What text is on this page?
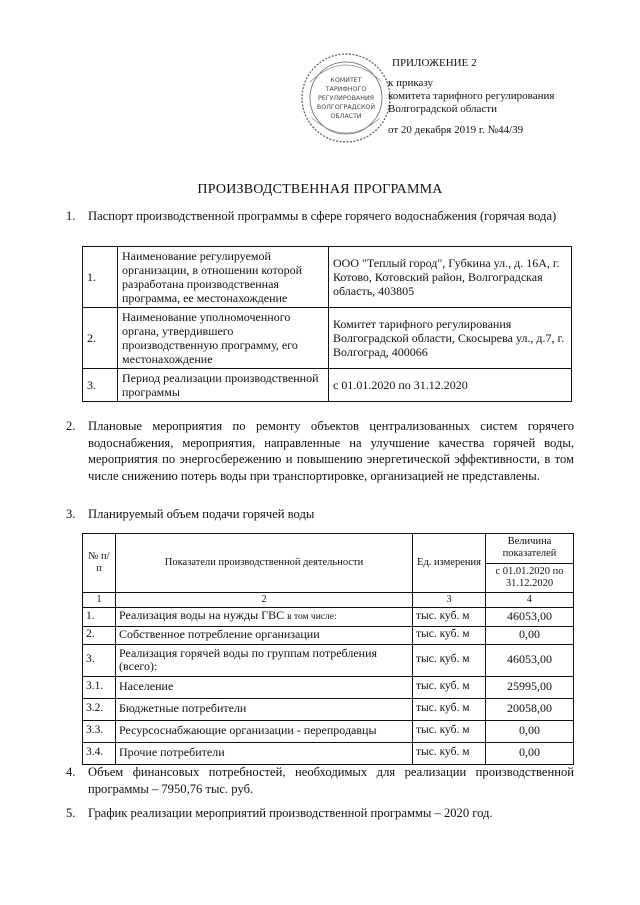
КОМИТЕТ
ТАРИФНОГО
РЕГУЛИРОВАНИЯ
ВОЛГОГРАДСКОЙ
ОБЛАСТИ
ПРИЛОЖЕНИЕ 2
к приказу
комитета тарифного регулирования
Волгоградской области
от 20 декабря 2019 г. №44/39
ПРОИЗВОДСТВЕННАЯ ПРОГРАММА
1. Паспорт производственной программы в сфере горячего водоснабжения (горячая вода)
1.	Наименование регулируемой организации, в отношении которой разработана производственная программа, ее местонахождение	ООО "Теплый город", Губкина ул., д. 16А, г. Котово, Котовский район, Волгоградская область, 403805
2.	Наименование уполномоченного органа, утвердившего производственную программу, его местонахождение	Комитет тарифного регулирования Волгоградской области, Скосырева ул., д.7, г. Волгоград, 400066
3.	Период реализации производственной программы	с 01.01.2020 по 31.12.2020
2. Плановые мероприятия по ремонту объектов централизованных систем горячего водоснабжения, мероприятия, направленные на улучшение качества горячей воды, мероприятия по энергосбережению и повышению энергетической эффективности, в том числе снижению потерь воды при транспортировке, организацией не представлены.
3. Планируемый объем подачи горячей воды
№ п/п	Показатели производственной деятельности	Ед. измерения	Величина показателей
			с 01.01.2020 по 31.12.2020
1	2	3	4
1.	Реализация воды на нужды ГВС в том числе:	тыс. куб. м	46053,00
2.	Собственное потребление организации	тыс. куб. м	0,00
3.	Реализация горячей воды по группам потребления (всего):	тыс. куб. м	46053,00
3.1.	Население	тыс. куб. м	25995,00
3.2.	Бюджетные потребители	тыс. куб. м	20058,00
3.3.	Ресурсоснабжающие организации - перепродавцы	тыс. куб. м	0,00
3.4.	Прочие потребители	тыс. куб. м	0,00
4. Объем финансовых потребностей, необходимых для реализации производственной программы – 7950,76 тыс. руб.
5. График реализации мероприятий производственной программы – 2020 год.
